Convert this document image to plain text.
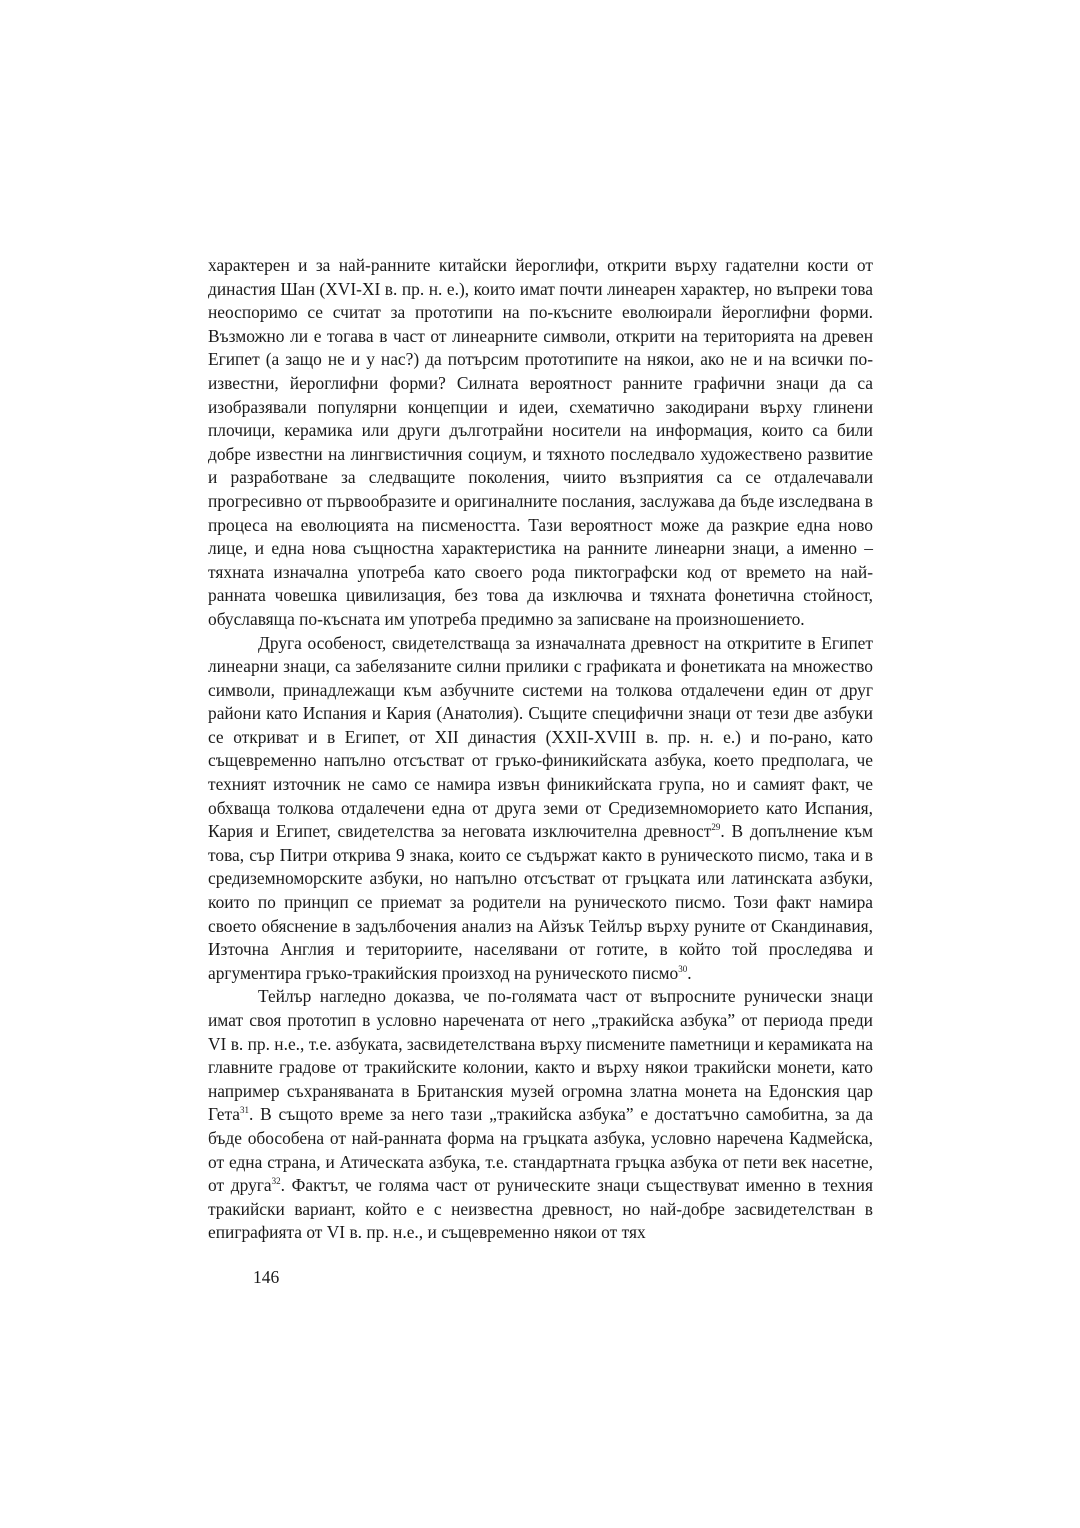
характерен и за най-ранните китайски йероглифи, открити върху гадателни кости от династия Шан (XVI-XI в. пр. н. е.), които имат почти линеарен характер, но въпреки това неоспоримо се считат за прототипи на по-късните еволюирали йероглифни форми. Възможно ли е тогава в част от линеарните символи, открити на територията на древен Египет (а защо не и у нас?) да потърсим прототипите на някои, ако не и на всички по-известни, йероглифни форми? Силната вероятност ранните графични знаци да са изобразявали популярни концепции и идеи, схематично закодирани върху глинени плочици, керамика или други дълготрайни носители на информация, които са били добре известни на лингвистичния социум, и тяхното последвало художествено развитие и разработване за следващите поколения, чиито възприятия са се отдалечавали прогресивно от първообразите и оригиналните послания, заслужава да бъде изследвана в процеса на еволюцията на писмеността. Тази вероятност може да разкрие една ново лице, и една нова същностна характеристика на ранните линеарни знаци, а именно – тяхната изначална употреба като своего рода пиктографски код от времето на най-ранната човешка цивилизация, без това да изключва и тяхната фонетична стойност, обуславяща по-късната им употреба предимно за записване на произношението.

Друга особеност, свидетелстваща за изначалната древност на откритите в Египет линеарни знаци, са забелязаните силни прилики с графиката и фонетиката на множество символи, принадлежащи към азбучните системи на толкова отдалечени един от друг райони като Испания и Кария (Анатолия). Същите специфични знаци от тези две азбуки се откриват и в Египет, от XII династия (XXII-XVIII в. пр. н. е.) и по-рано, като същевременно напълно отсъстват от гръко-финикийската азбука, което предполага, че техният източник не само се намира извън финикийската група, но и самият факт, че обхваща толкова отдалечени една от друга земи от Средиземноморието като Испания, Кария и Египет, свидетелства за неговата изключителна древност$^{29}$. В допълнение към това, сър Питри открива 9 знака, които се съдържат както в руническото писмо, така и в средиземноморските азбуки, но напълно отсъстват от гръцката или латинската азбуки, които по принцип се приемат за родители на руническото писмо. Този факт намира своето обяснение в задълбочения анализ на Айзък Тейлър върху руните от Скандинавия, Източна Англия и териториите, населявани от готите, в който той проследява и аргументира гръко-тракийския произход на руническото писмо$^{30}$.

Тейлър нагледно доказва, че по-голямата част от въпросните рунически знаци имат своя прототип в условно наречената от него „тракийска азбука” от периода преди VI в. пр. н.е., т.е. азбуката, засвидетелствана върху писмените паметници и керамиката на главните градове от тракийските колонии, както и върху някои тракийски монети, като например съхраняваната в Британския музей огромна златна монета на Едонския цар Гета$^{31}$. В същото време за него тази „тракийска азбука” е достатъчно самобитна, за да бъде обособена от най-ранната форма на гръцката азбука, условно наречена Кадмейска, от една страна, и Атическата азбука, т.е. стандартната гръцка азбука от пети век насетне, от друга$^{32}$. Фактът, че голяма част от руническите знаци съществуват именно в техния тракийски вариант, който е с неизвестна древност, но най-добре засвидетелстван в епиграфията от VI в. пр. н.е., и същевременно някои от тях

146
